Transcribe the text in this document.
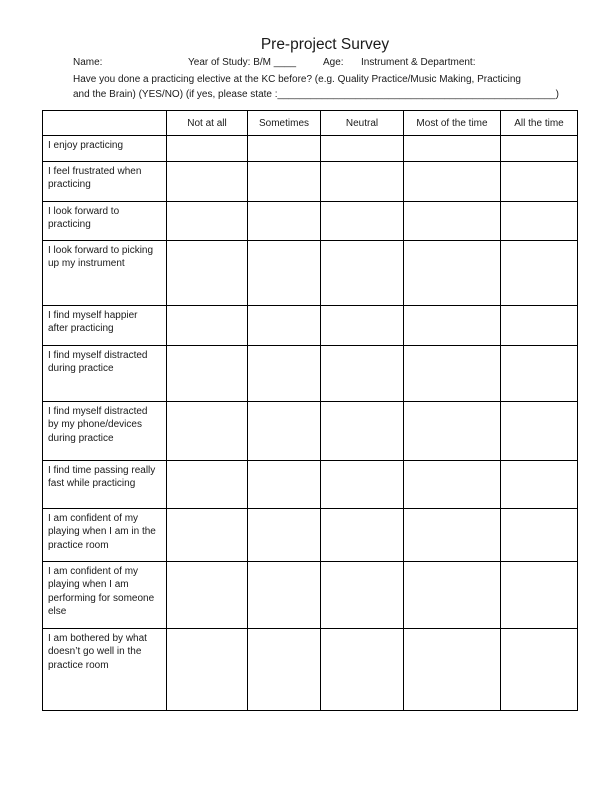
Pre-project Survey
Name:	Year of Study: B/M ____	Age: Instrument & Department:
Have you done a practicing elective at the KC before? (e.g. Quality Practice/Music Making, Practicing
and the Brain) (YES/NO) (if yes, please state :__________________________________________________)
	Not at all	Sometimes	Neutral	Most of the time	All the time
I enjoy practicing					
I feel frustrated when practicing					
I look forward to practicing					
I look forward to picking up my instrument					
I find myself happier after practicing					
I find myself distracted during practice					
I find myself distracted by my phone/devices during practice					
I find time passing really fast while practicing					
I am confident of my playing when I am in the practice room					
I am confident of my playing when I am performing for someone else					
I am bothered by what doesn’t go well in the practice room					
